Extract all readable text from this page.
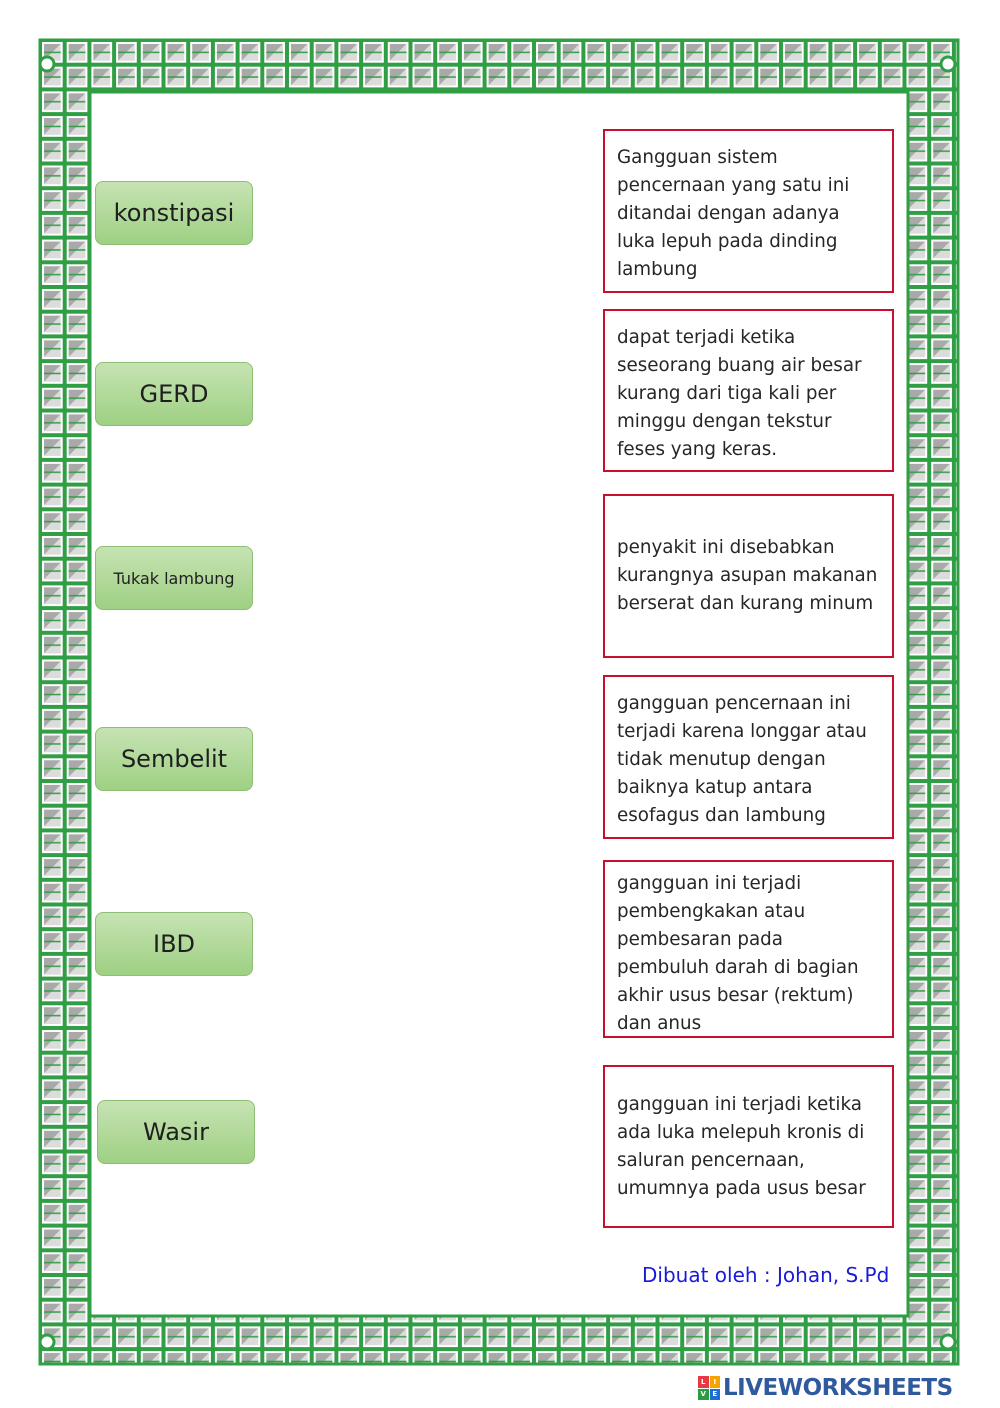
konstipasi
GERD
Tukak lambung
Sembelit
IBD
Wasir
Gangguan sistem pencernaan yang satu ini ditandai dengan adanya luka lepuh pada dinding lambung
dapat terjadi ketika seseorang buang air besar kurang dari tiga kali per minggu dengan tekstur feses yang keras.
penyakit ini disebabkan kurangnya asupan makanan berserat dan kurang minum
gangguan pencernaan ini terjadi karena longgar atau tidak menutup dengan baiknya katup antara esofagus dan lambung
gangguan ini terjadi pembengkakan atau pembesaran pada pembuluh darah di bagian akhir usus besar (rektum) dan anus
gangguan ini terjadi ketika ada luka melepuh kronis di saluran pencernaan, umumnya pada usus besar
Dibuat oleh : Johan, S.Pd
L	I
V E LIVEWORKSHEETS
